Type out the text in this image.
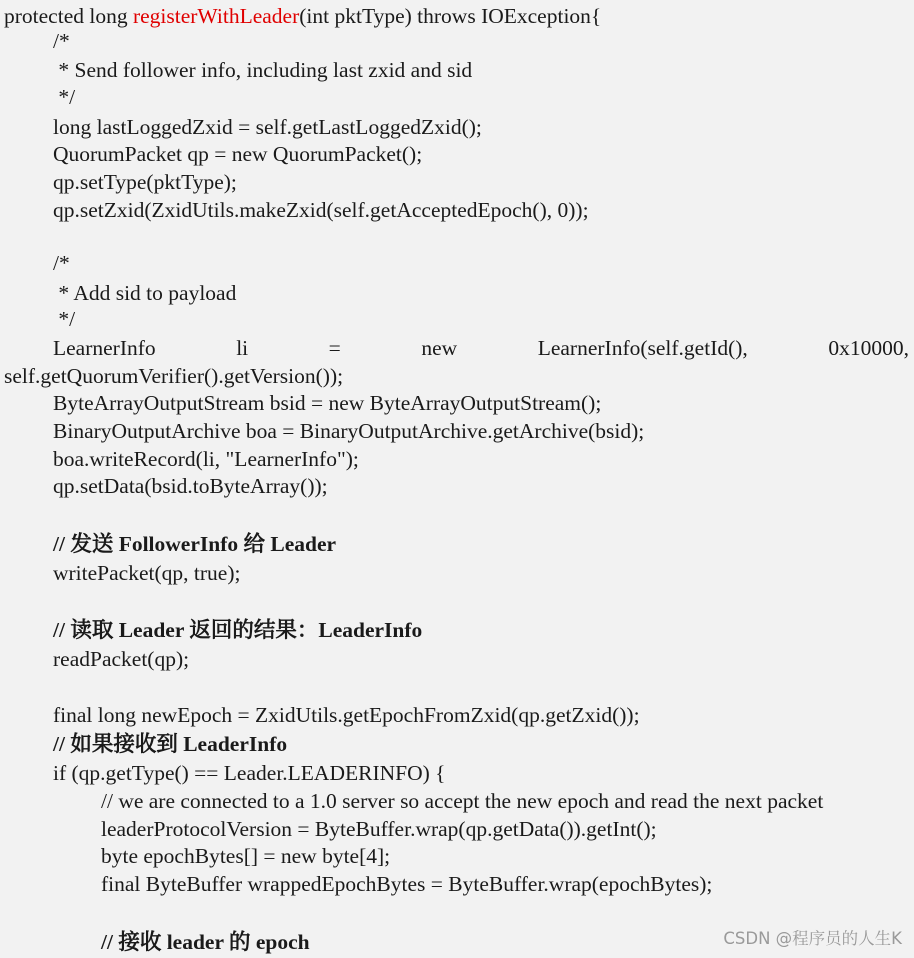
protected long registerWithLeader(int pktType) throws IOException{
/*
* Send follower info, including last zxid and sid
*/
long lastLoggedZxid = self.getLastLoggedZxid();
QuorumPacket qp = new QuorumPacket();
qp.setType(pktType);
qp.setZxid(ZxidUtils.makeZxid(self.getAcceptedEpoch(), 0));
/*
* Add sid to payload
*/
LearnerInfo	li	=	new	LearnerInfo(self.getId(),	0x10000,
self.getQuorumVerifier().getVersion());
ByteArrayOutputStream bsid = new ByteArrayOutputStream();
BinaryOutputArchive boa = BinaryOutputArchive.getArchive(bsid);
boa.writeRecord(li, "LearnerInfo");
qp.setData(bsid.toByteArray());
// 发送 FollowerInfo 给 Leader
writePacket(qp, true);
// 读取 Leader 返回的结果：LeaderInfo
readPacket(qp);
final long newEpoch = ZxidUtils.getEpochFromZxid(qp.getZxid());
// 如果接收到 LeaderInfo
if (qp.getType() == Leader.LEADERINFO) {
// we are connected to a 1.0 server so accept the new epoch and read the next packet
leaderProtocolVersion = ByteBuffer.wrap(qp.getData()).getInt();
byte epochBytes[] = new byte[4];
final ByteBuffer wrappedEpochBytes = ByteBuffer.wrap(epochBytes);
// 接收 leader 的 epoch	CSDN @程序员的人生K
